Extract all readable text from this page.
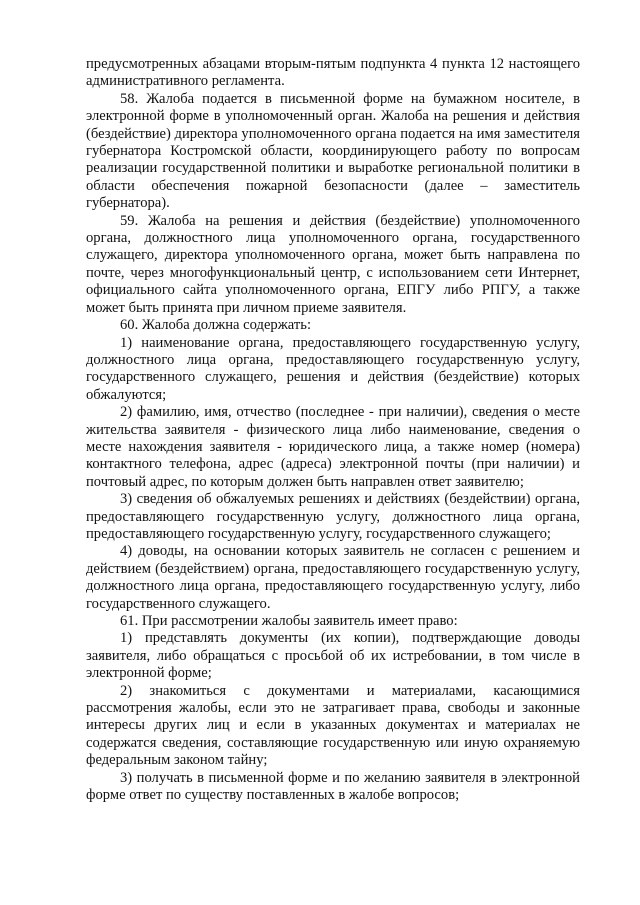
предусмотренных абзацами вторым-пятым подпункта 4 пункта 12 настоящего административного регламента.

58. Жалоба подается в письменной форме на бумажном носителе, в электронной форме в уполномоченный орган. Жалоба на решения и действия (бездействие) директора уполномоченного органа подается на имя заместителя губернатора Костромской области, координирующего работу по вопросам реализации государственной политики и выработке региональной политики в области обеспечения пожарной безопасности (далее – заместитель губернатора).

59. Жалоба на решения и действия (бездействие) уполномоченного органа, должностного лица уполномоченного органа, государственного служащего, директора уполномоченного органа, может быть направлена по почте, через многофункциональный центр, с использованием сети Интернет, официального сайта уполномоченного органа, ЕПГУ либо РПГУ, а также может быть принята при личном приеме заявителя.

60. Жалоба должна содержать:

1) наименование органа, предоставляющего государственную услугу, должностного лица органа, предоставляющего государственную услугу, государственного служащего, решения и действия (бездействие) которых обжалуются;

2) фамилию, имя, отчество (последнее - при наличии), сведения о месте жительства заявителя - физического лица либо наименование, сведения о месте нахождения заявителя - юридического лица, а также номер (номера) контактного телефона, адрес (адреса) электронной почты (при наличии) и почтовый адрес, по которым должен быть направлен ответ заявителю;

3) сведения об обжалуемых решениях и действиях (бездействии) органа, предоставляющего государственную услугу, должностного лица органа, предоставляющего государственную услугу, государственного служащего;

4) доводы, на основании которых заявитель не согласен с решением и действием (бездействием) органа, предоставляющего государственную услугу, должностного лица органа, предоставляющего государственную услугу, либо государственного служащего.

61. При рассмотрении жалобы заявитель имеет право:

1) представлять документы (их копии), подтверждающие доводы заявителя, либо обращаться с просьбой об их истребовании, в том числе в электронной форме;

2) знакомиться с документами и материалами, касающимися рассмотрения жалобы, если это не затрагивает права, свободы и законные интересы других лиц и если в указанных документах и материалах не содержатся сведения, составляющие государственную или иную охраняемую федеральным законом тайну;

3) получать в письменной форме и по желанию заявителя в электронной форме ответ по существу поставленных в жалобе вопросов;
